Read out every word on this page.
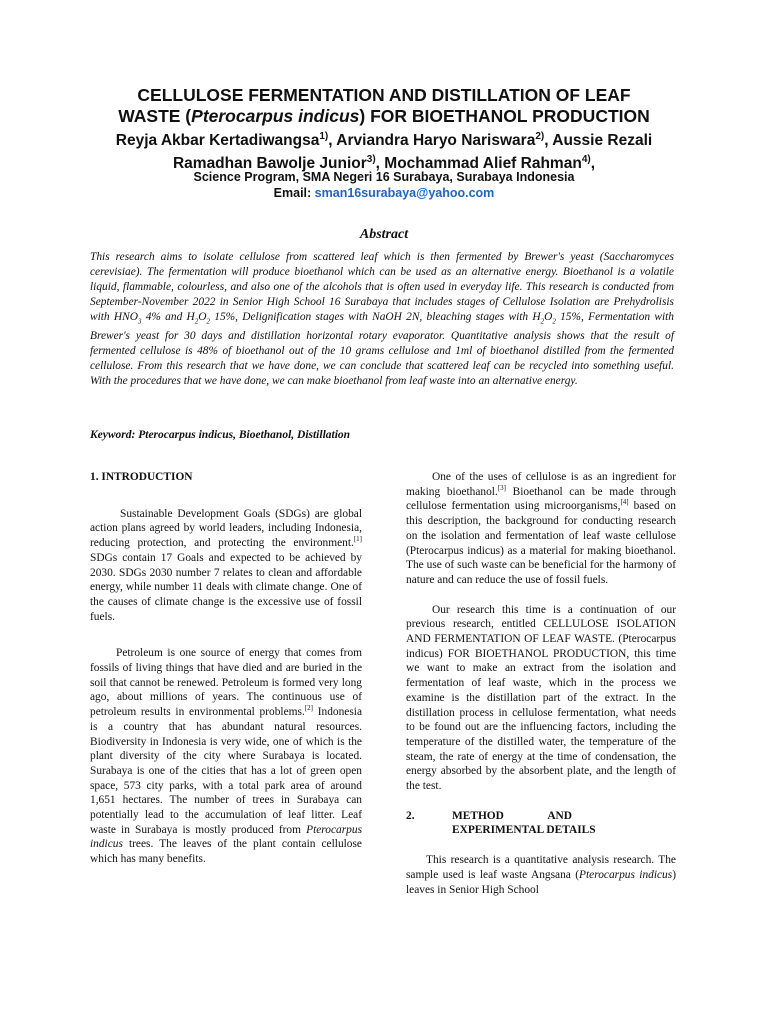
CELLULOSE FERMENTATION AND DISTILLATION OF LEAF
WASTE (Pterocarpus indicus) FOR BIOETHANOL PRODUCTION
Reyja Akbar Kertadiwangsa$^{1)}$, Arviandra Haryo Nariswara$^{2)}$, Aussie Rezali
Ramadhan Bawolje Junior$^{3)}$, Mochammad Alief Rahman$^{4)}$,
Science Program, SMA Negeri 16 Surabaya, Surabaya Indonesia
Email: sman16surabaya@yahoo.com
Abstract

This research aims to isolate cellulose from scattered leaf which is then fermented by Brewer's yeast (Saccharomyces cerevisiae). The fermentation will produce bioethanol which can be used as an alternative energy. Bioethanol is a volatile liquid, flammable, colourless, and also one of the alcohols that is often used in everyday life. This research is conducted from September-November 2022 in Senior High School 16 Surabaya that includes stages of Cellulose Isolation are Prehydrolisis with $HNO_3$ 4% and $H_2O_2$ 15%, Delignification stages with NaOH 2N, bleaching stages with $H_2O_2$ 15%, Fermentation with Brewer's yeast for 30 days and distillation horizontal rotary evaporator. Quantitative analysis shows that the result of fermented cellulose is 48% of bioethanol out of the 10 grams cellulose and 1ml of bioethanol distilled from the fermented cellulose. From this research that we have done, we can conclude that scattered leaf can be recycled into something useful. With the procedures that we have done, we can make bioethanol from leaf waste into an alternative energy.

Keyword: Pterocarpus indicus, Bioethanol, Distillation

1. INTRODUCTION

Sustainable Development Goals (SDGs) are global action plans agreed by world leaders, including Indonesia, reducing protection, and protecting the environment.[1] SDGs contain 17 Goals and expected to be achieved by 2030. SDGs 2030 number 7 relates to clean and affordable energy, while number 11 deals with climate change. One of the causes of climate change is the excessive use of fossil fuels.

Petroleum is one source of energy that comes from fossils of living things that have died and are buried in the soil that cannot be renewed. Petroleum is formed very long ago, about millions of years. The continuous use of petroleum results in environmental problems.[2] Indonesia is a country that has abundant natural resources. Biodiversity in Indonesia is very wide, one of which is the plant diversity of the city where Surabaya is located. Surabaya is one of the cities that has a lot of green open space, 573 city parks, with a total park area of around 1,651 hectares. The number of trees in Surabaya can potentially lead to the accumulation of leaf litter. Leaf waste in Surabaya is mostly produced from Pterocarpus indicus trees. The leaves of the plant contain cellulose which has many benefits.

One of the uses of cellulose is as an ingredient for making bioethanol.[3] Bioethanol can be made through cellulose fermentation using microorganisms,[4] based on this description, the background for conducting research on the isolation and fermentation of leaf waste cellulose (Pterocarpus indicus) as a material for making bioethanol. The use of such waste can be beneficial for the harmony of nature and can reduce the use of fossil fuels.

Our research this time is a continuation of our previous research, entitled CELLULOSE ISOLATION AND FERMENTATION OF LEAF WASTE. (Pterocarpus indicus) FOR BIOETHANOL PRODUCTION, this time we want to make an extract from the isolation and fermentation of leaf waste, which in the process we examine is the distillation part of the extract. In the distillation process in cellulose fermentation, what needs to be found out are the influencing factors, including the temperature of the distilled water, the temperature of the steam, the rate of energy at the time of condensation, the energy absorbed by the absorbent plate, and the length of the test.

2.	METHOD	AND
EXPERIMENTAL DETAILS

This research is a quantitative analysis research. The sample used is leaf waste Angsana (Pterocarpus indicus) leaves in Senior High School
